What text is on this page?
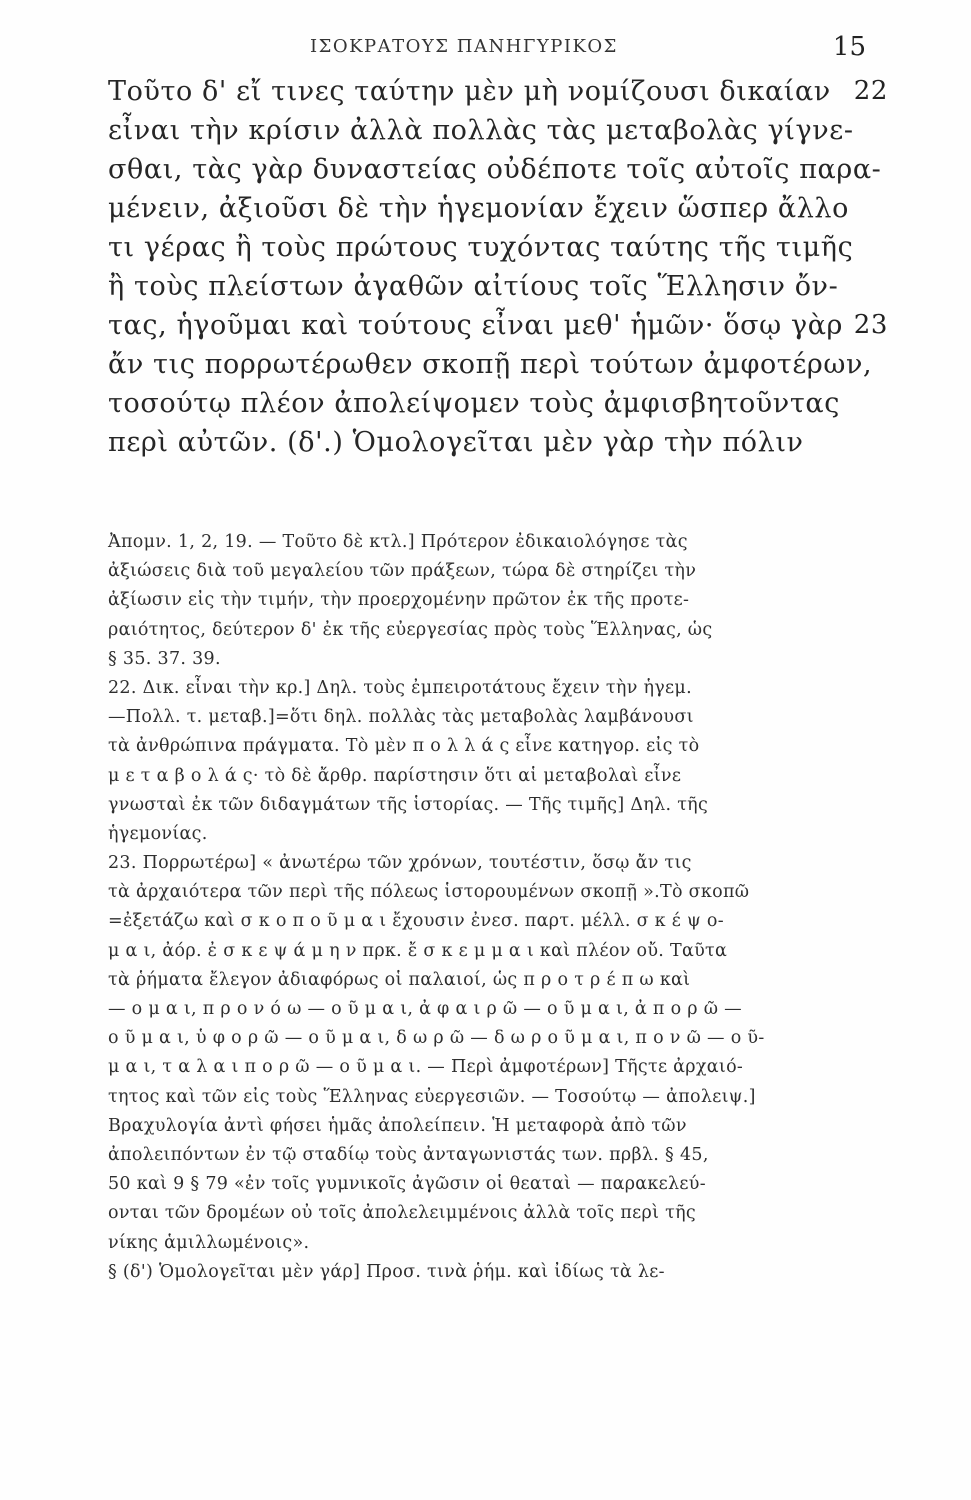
ΙΣΟΚΡΑΤΟΥΣ ΠΑΝΗΓΥΡΙΚΟΣ	15
Τοῦτο δ' εἴ τινες ταύτην μὲν μὴ νομίζουσι δικαίαν 22
εἶναι τὴν κρίσιν ἀλλὰ πολλὰς τὰς μεταβολὰς γίγνε-
σθαι, τὰς γὰρ δυναστείας οὐδέποτε τοῖς αὐτοῖς παρα-
μένειν, ἀξιοῦσι δὲ τὴν ἡγεμονίαν ἔχειν ὥσπερ ἄλλο
τι γέρας ἢ τοὺς πρώτους τυχόντας ταύτης τῆς τιμῆς
ἢ τοὺς πλείστων ἀγαθῶν αἰτίους τοῖς Ἕλλησιν ὄν-
τας, ἡγοῦμαι καὶ τούτους εἶναι μεθ' ἡμῶν· ὅσῳ γὰρ 23
ἄν τις πορρωτέρωθεν σκοπῇ περὶ τούτων ἀμφοτέρων,
τοσούτῳ πλέον ἀπολείψομεν τοὺς ἀμφισβητοῦντας
περὶ αὐτῶν. (δ'.) Ὁμολογεῖται μὲν γὰρ τὴν πόλιν
Ἀπομν. 1, 2, 19. — Τοῦτο δὲ κτλ.] Πρότερον ἐδικαιολόγησε τὰς
ἀξιώσεις διὰ τοῦ μεγαλείου τῶν πράξεων, τώρα δὲ στηρίζει τὴν
ἀξίωσιν εἰς τὴν τιμήν, τὴν προερχομένην πρῶτον ἐκ τῆς προτε-
ραιότητος, δεύτερον δ' ἐκ τῆς εὐεργεσίας πρὸς τοὺς Ἕλληνας, ὡς
§ 35. 37. 39.
22. Δικ. εἶναι τὴν κρ.] Δηλ. τοὺς ἐμπειροτάτους ἔχειν τὴν ἡγεμ.
—Πολλ. τ. μεταβ.]=ὅτι δηλ. πολλὰς τὰς μεταβολὰς λαμβάνουσι
τὰ ἀνθρώπινα πράγματα. Τὸ μὲν π ο λ λ ά ς εἶνε κατηγορ. εἰς τὸ
μ ε τ α β ο λ ά ς· τὸ δὲ ἄρθρ. παρίστησιν ὅτι αἱ μεταβολαὶ εἶνε
γνωσταὶ ἐκ τῶν διδαγμάτων τῆς ἱστορίας. — Τῆς τιμῆς] Δηλ. τῆς
ἡγεμονίας.
23. Πορρωτέρω] « ἀνωτέρω τῶν χρόνων, τουτέστιν, ὅσῳ ἄν τις
τὰ ἀρχαιότερα τῶν περὶ τῆς πόλεως ἱστορουμένων σκοπῇ ».Τὸ σκοπῶ
=ἐξετάζω καὶ σ κ ο π ο ῦ μ α ι ἔχουσιν ἐνεσ. παρτ. μέλλ. σ κ έ ψ ο-
μ α ι, ἀόρ. ἐ σ κ ε ψ ά μ η ν πρκ. ἔ σ κ ε μ μ α ι καὶ πλέον οὔ. Ταῦτα
τὰ ῥήματα ἔλεγον ἀδιαφόρως οἱ παλαιοί, ὡς π ρ ο τ ρ έ π ω καὶ
— ο μ α ι, π ρ ο ν ό ω — ο ῦ μ α ι, ἀ φ α ι ρ ῶ — ο ῦ μ α ι, ἀ π ο ρ ῶ —
ο ῦ μ α ι, ὑ φ ο ρ ῶ — ο ῦ μ α ι, δ ω ρ ῶ — δ ω ρ ο ῦ μ α ι, π ο ν ῶ — ο ῦ-
μ α ι, τ α λ α ι π ο ρ ῶ — ο ῦ μ α ι. — Περὶ ἀμφοτέρων] Τῆςτε ἀρχαιό-
τητος καὶ τῶν εἰς τοὺς Ἕλληνας εὐεργεσιῶν. — Τοσούτῳ — ἀπολειψ.]
Βραχυλογία ἀντὶ φήσει ἡμᾶς ἀπολείπειν. Ἡ μεταφορὰ ἀπὸ τῶν
ἀπολειπόντων ἐν τῷ σταδίῳ τοὺς ἀνταγωνιστάς των. πρβλ. § 45,
50 καὶ 9 § 79 «ἐν τοῖς γυμνικοῖς ἀγῶσιν οἱ θεαταὶ — παρακελεύ-
ονται τῶν δρομέων οὐ τοῖς ἀπολελειμμένοις ἀλλὰ τοῖς περὶ τῆς
νίκης ἁμιλλωμένοις».
§ (δ') Ὁμολογεῖται μὲν γάρ] Προσ. τινὰ ῥήμ. καὶ ἰδίως τὰ λε-
